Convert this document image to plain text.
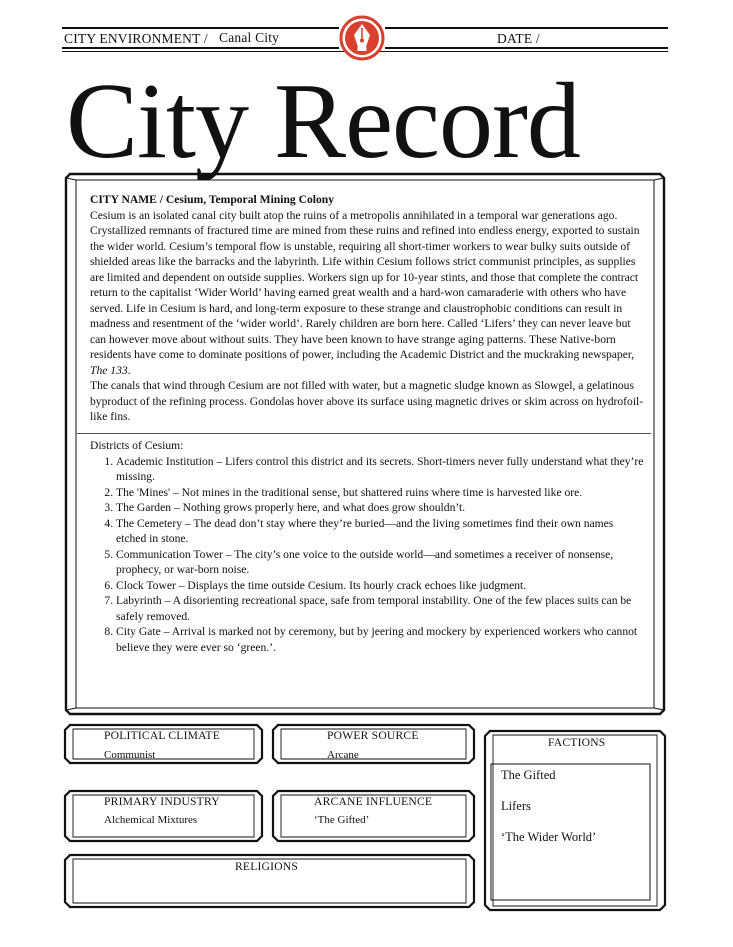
CITY ENVIRONMENT / Canal City	DATE /
City Record

CITY NAME / Cesium, Temporal Mining Colony

Cesium is an isolated canal city built atop the ruins of a metropolis annihilated in a temporal war generations ago. Crystallized remnants of fractured time are mined from these ruins and refined into endless energy, exported to sustain the wider world. Cesium’s temporal flow is unstable, requiring all short-timer workers to wear bulky suits outside of shielded areas like the barracks and the labyrinth. Life within Cesium follows strict communist principles, as supplies are limited and dependent on outside supplies. Workers sign up for 10-year stints, and those that complete the contract return to the capitalist ‘Wider World’ having earned great wealth and a hard-won camaraderie with others who have served. Life in Cesium is hard, and long-term exposure to these strange and claustrophobic conditions can result in madness and resentment of the ‘wider world’. Rarely children are born here. Called ‘Lifers’ they can never leave but can however move about without suits. They have been known to have strange aging patterns. These Native-born residents have come to dominate positions of power, including the Academic District and the muckraking newspaper, The 133.

The canals that wind through Cesium are not filled with water, but a magnetic sludge known as Slowgel, a gelatinous byproduct of the refining process. Gondolas hover above its surface using magnetic drives or skim across on hydrofoil-like fins.

Districts of Cesium:
1. Academic Institution – Lifers control this district and its secrets. Short-timers never fully understand what they’re missing.
2. The 'Mines' – Not mines in the traditional sense, but shattered ruins where time is harvested like ore.
3. The Garden – Nothing grows properly here, and what does grow shouldn’t.
4. The Cemetery – The dead don’t stay where they’re buried—and the living sometimes find their own names etched in stone.
5. Communication Tower – The city’s one voice to the outside world—and sometimes a receiver of nonsense, prophecy, or war-born noise.
6. Clock Tower – Displays the time outside Cesium. Its hourly crack echoes like judgment.
7. Labyrinth – A disorienting recreational space, safe from temporal instability. One of the few places suits can be safely removed.
8. City Gate – Arrival is marked not by ceremony, but by jeering and mockery by experienced workers who cannot believe they were ever so ‘green.’.
POLITICAL CLIMATE
Communist
POWER SOURCE
Arcane
PRIMARY INDUSTRY
Alchemical Mixtures
ARCANE INFLUENCE
‘The Gifted’
RELIGIONS
FACTIONS
The Gifted
Lifers
‘The Wider World’
